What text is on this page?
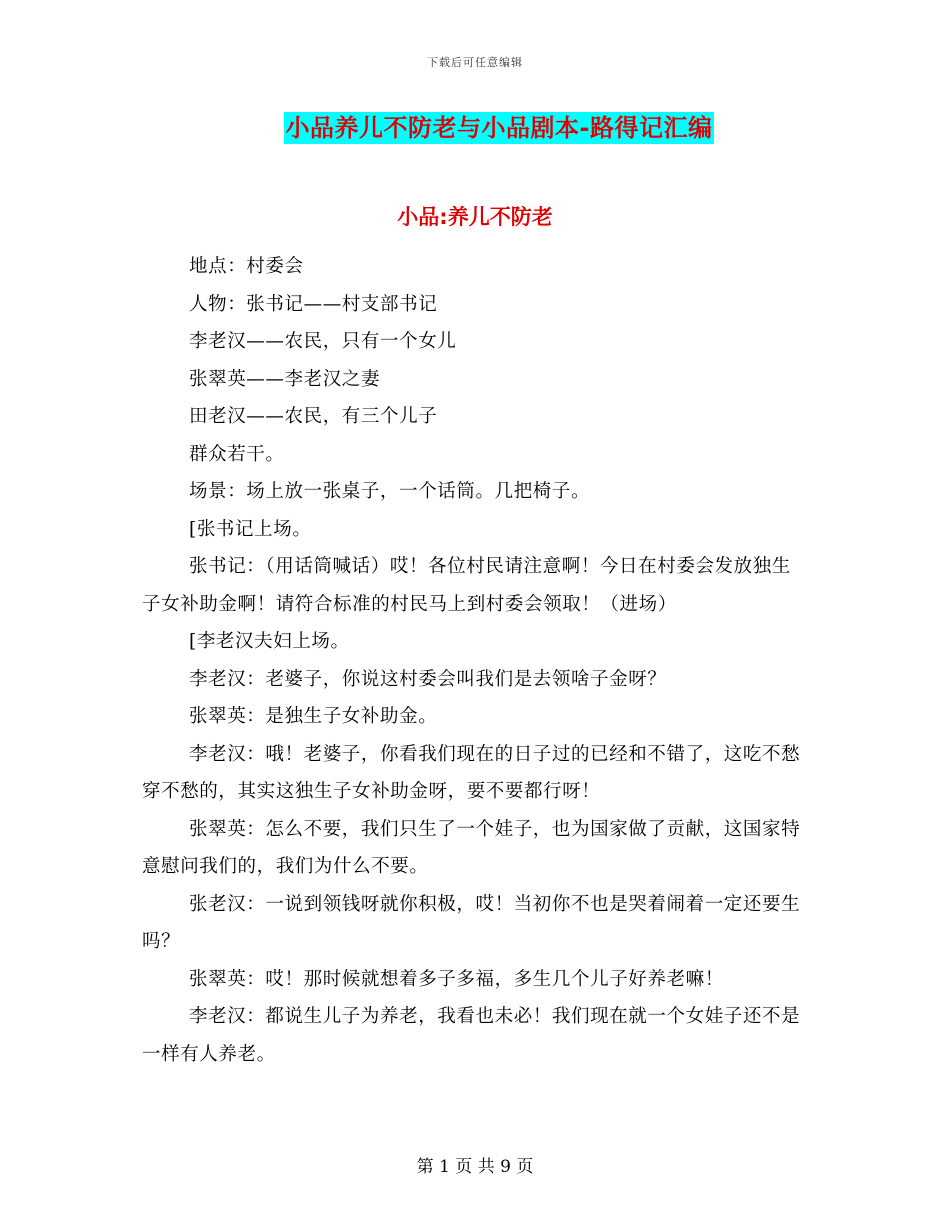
下载后可任意编辑
小品养儿不防老与小品剧本-路得记汇编
小品:养儿不防老

地点：村委会

人物：张书记——村支部书记

李老汉——农民，只有一个女儿

张翠英——李老汉之妻

田老汉——农民，有三个儿子

群众若干。

场景：场上放一张桌子，一个话筒。几把椅子。

[张书记上场。

张书记：（用话筒喊话）哎！各位村民请注意啊！今日在村委会发放独生子女补助金啊！请符合标准的村民马上到村委会领取！（进场）

[李老汉夫妇上场。

李老汉：老婆子，你说这村委会叫我们是去领啥子金呀？

张翠英：是独生子女补助金。

李老汉：哦！老婆子，你看我们现在的日子过的已经和不错了，这吃不愁穿不愁的，其实这独生子女补助金呀，要不要都行呀！

张翠英：怎么不要，我们只生了一个娃子，也为国家做了贡献，这国家特意慰问我们的，我们为什么不要。

张老汉：一说到领钱呀就你积极，哎！当初你不也是哭着闹着一定还要生吗？

张翠英：哎！那时候就想着多子多福，多生几个儿子好养老嘛！

李老汉：都说生儿子为养老，我看也未必！我们现在就一个女娃子还不是一样有人养老。

第 1 页 共 9 页
